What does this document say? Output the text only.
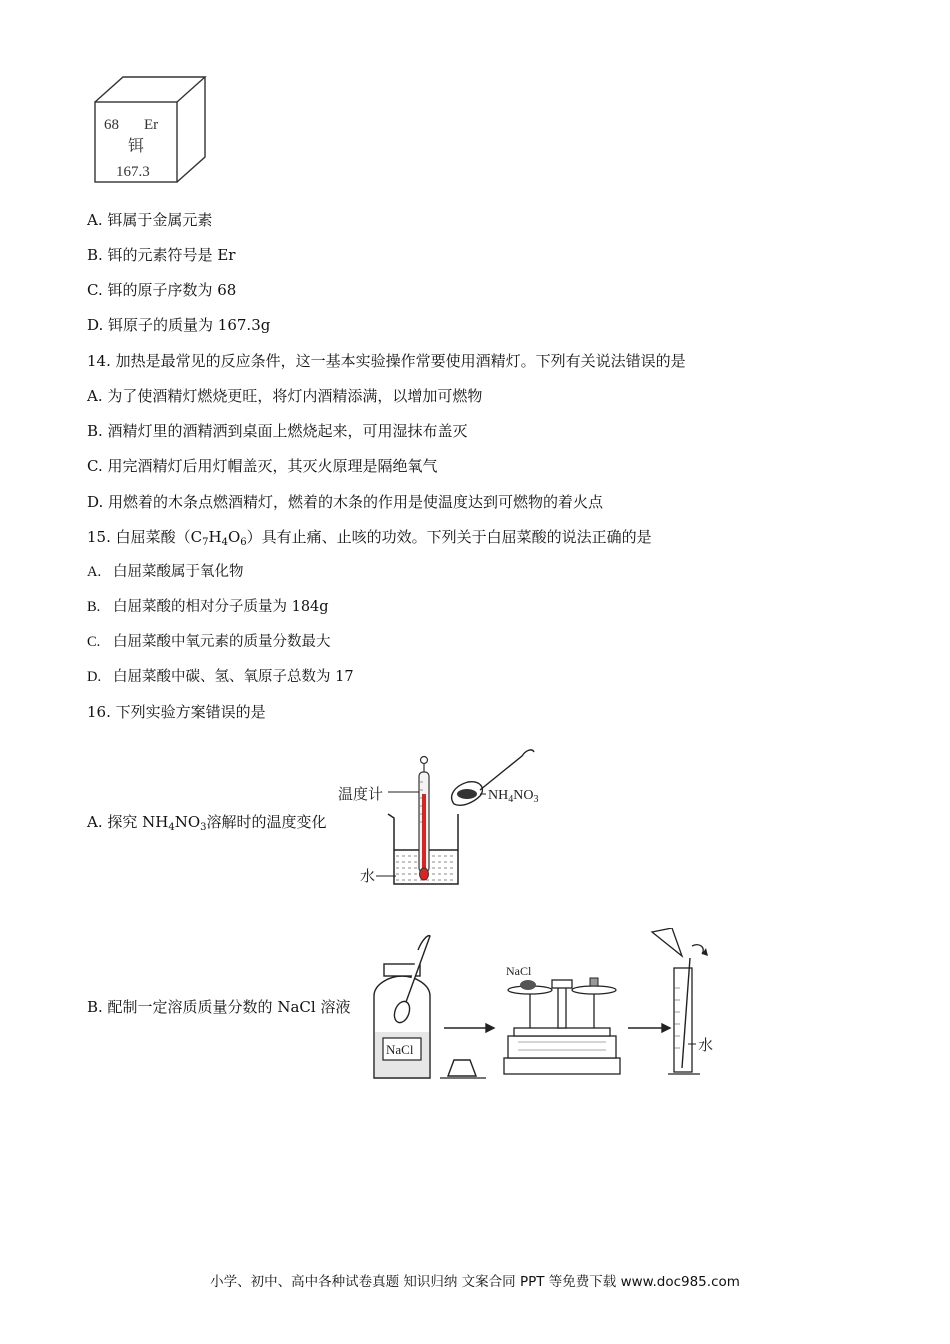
68 Er
铒
167.3
A. 铒属于金属元素
B. 铒的元素符号是 Er
C. 铒的原子序数为 68
D. 铒原子的质量为 167.3g
14. 加热是最常见的反应条件，这一基本实验操作常要使用酒精灯。下列有关说法错误的是
A. 为了使酒精灯燃烧更旺，将灯内酒精添满，以增加可燃物
B. 酒精灯里的酒精洒到桌面上燃烧起来，可用湿抹布盖灭
C. 用完酒精灯后用灯帽盖灭，其灭火原理是隔绝氧气
D. 用燃着的木条点燃酒精灯，燃着的木条的作用是使温度达到可燃物的着火点
15. 白屈菜酸$(C_7H_4O_6)$具有止痛、止咳的功效。下列关于白屈菜酸的说法正确的是
A. 白屈菜酸属于氧化物
B. 白屈菜酸的相对分子质量为 184g
C. 白屈菜酸中氧元素的质量分数最大
D. 白屈菜酸中碳、氢、氧原子总数为 17
16. 下列实验方案错误的是
A. 探究 $NH_4NO_3$溶解时的温度变化
B. 配制一定溶质质量分数的 NaCl 溶液
温度计
水
$NH_4NO_3$
NaCl
NaCl
水
小学、初中、高中各种试卷真题 知识归纳 文案合同 PPT 等免费下载 www.doc985.com
